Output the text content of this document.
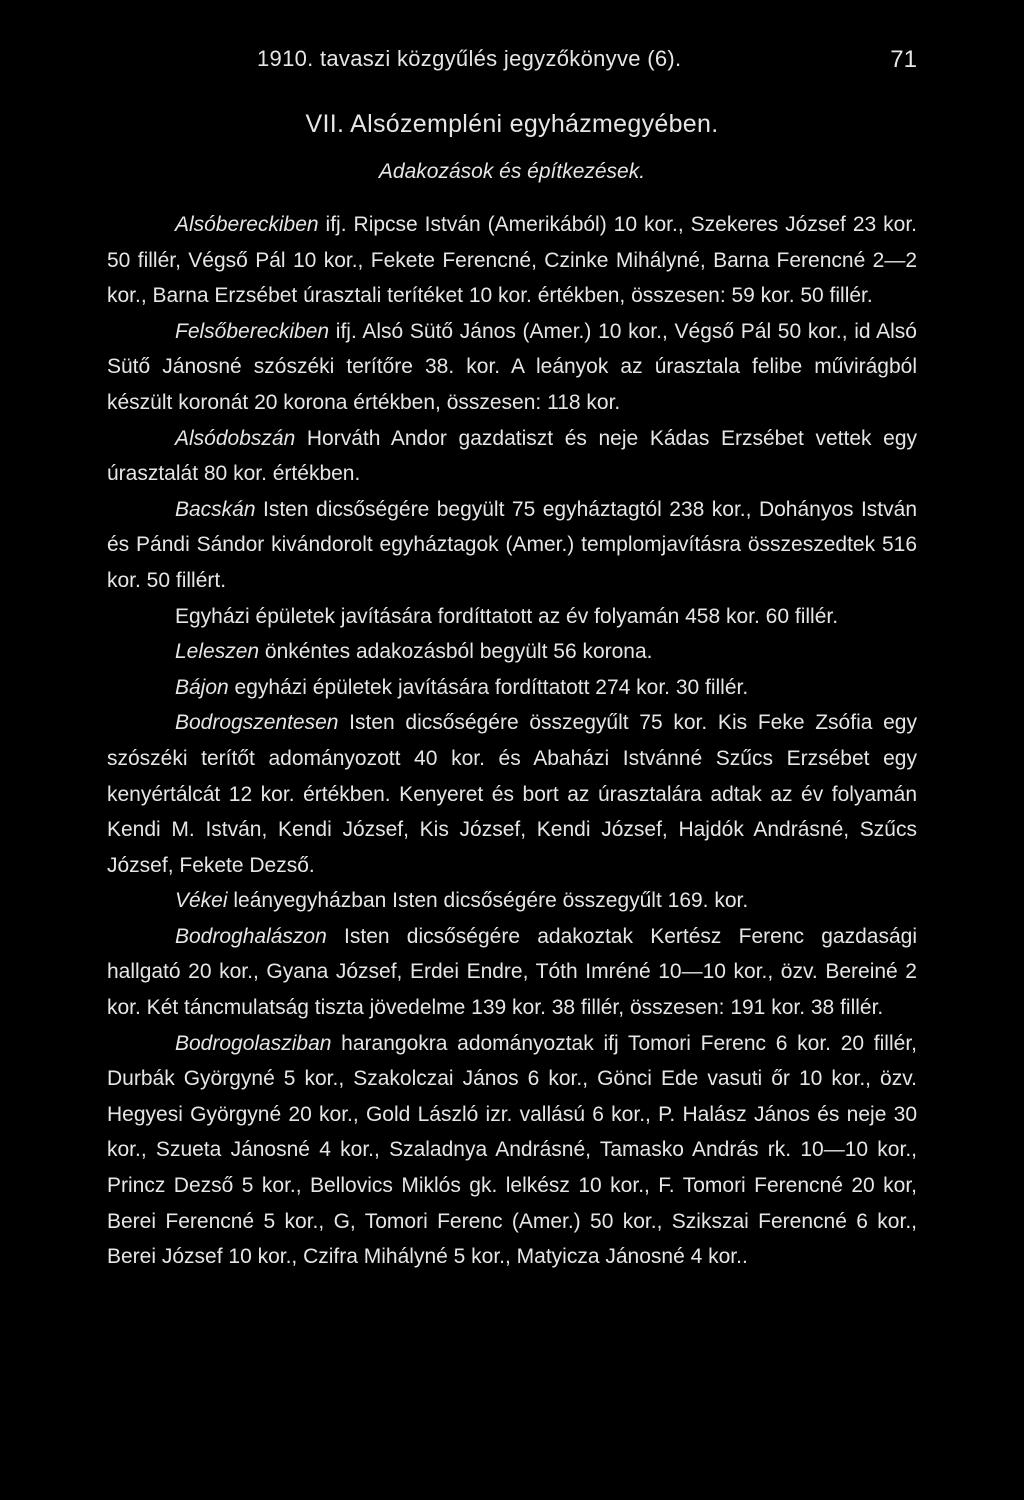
1910. tavaszi közgyűlés jegyzőkönyve (6).	71
VII. Alsózempléni egyházmegyében.
Adakozások és építkezések.

Alsóbereckiben ifj. Ripcse István (Amerikából) 10 kor., Szekeres József 23 kor. 50 fillér, Végső Pál 10 kor., Fekete Ferencné, Czinke Mihályné, Barna Ferencné 2—2 kor., Barna Erzsébet úrasztali terítéket 10 kor. értékben, összesen: 59 kor. 50 fillér.

Felsőbereckiben ifj. Alsó Sütő János (Amer.) 10 kor., Végső Pál 50 kor., id Alsó Sütő Jánosné szószéki terítőre 38. kor. A leányok az úrasztala felibe művirágból készült koronát 20 korona értékben, összesen: 118 kor.

Alsódobszán Horváth Andor gazdatiszt és neje Kádas Erzsébet vettek egy úrasztalát 80 kor. értékben.

Bacskán Isten dicsőségére begyült 75 egyháztagtól 238 kor., Dohányos István és Pándi Sándor kivándorolt egyháztagok (Amer.) templomjavításra összeszedtek 516 kor. 50 fillért.

Egyházi épületek javítására fordíttatott az év folyamán 458 kor. 60 fillér.

Leleszen önkéntes adakozásból begyült 56 korona.

Bájon egyházi épületek javítására fordíttatott 274 kor. 30 fillér.

Bodrogszentesen Isten dicsőségére összegyűlt 75 kor. Kis Feke Zsófia egy szószéki terítőt adományozott 40 kor. és Abaházi Istvánné Szűcs Erzsébet egy kenyértálcát 12 kor. értékben. Kenyeret és bort az úrasztalára adtak az év folyamán Kendi M. István, Kendi József, Kis József, Kendi József, Hajdók Andrásné, Szűcs József, Fekete Dezső.

Vékei leányegyházban Isten dicsőségére összegyűlt 169. kor.

Bodroghalászon Isten dicsőségére adakoztak Kertész Ferenc gazdasági hallgató 20 kor., Gyana József, Erdei Endre, Tóth Imréné 10—10 kor., özv. Bereiné 2 kor. Két táncmulatság tiszta jövedelme 139 kor. 38 fillér, összesen: 191 kor. 38 fillér.

Bodrogolasziban harangokra adományoztak ifj Tomori Ferenc 6 kor. 20 fillér, Durbák Györgyné 5 kor., Szakolczai János 6 kor., Gönci Ede vasuti őr 10 kor., özv. Hegyesi Györgyné 20 kor., Gold László izr. vallású 6 kor., P. Halász János és neje 30 kor., Szueta Jánosné 4 kor., Szaladnya Andrásné, Tamasko András rk. 10—10 kor., Princz Dezső 5 kor., Bellovics Miklós gk. lelkész 10 kor., F. Tomori Ferencné 20 kor, Berei Ferencné 5 kor., G, Tomori Ferenc (Amer.) 50 kor., Szikszai Ferencné 6 kor., Berei József 10 kor., Czifra Mihályné 5 kor., Matyicza Jánosné 4 kor..
